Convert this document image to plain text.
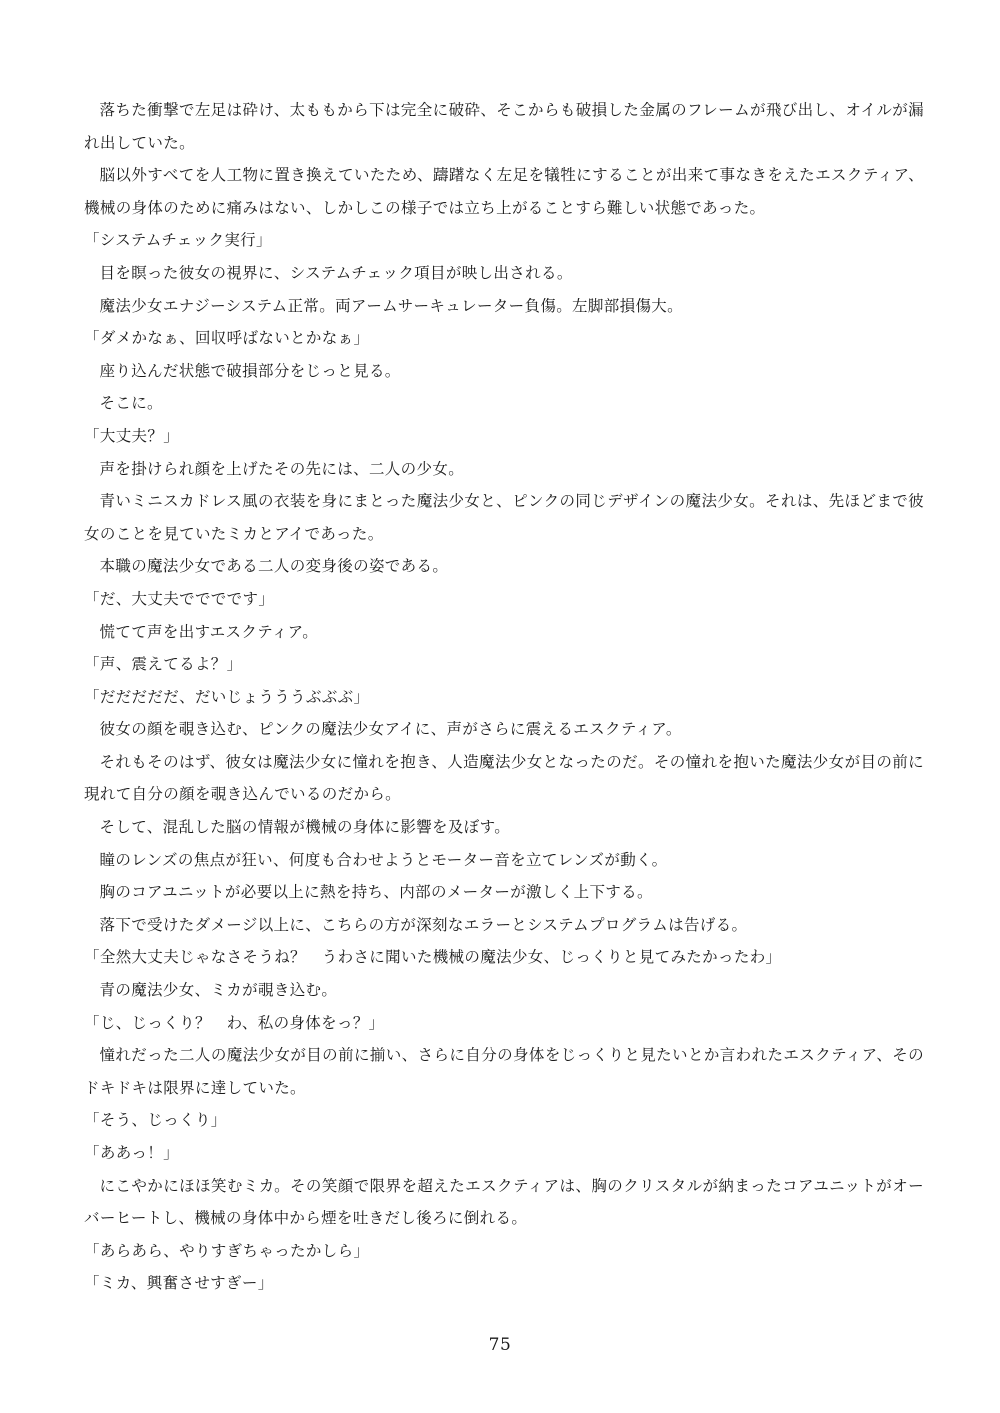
落ちた衝撃で左足は砕け、太ももから下は完全に破砕、そこからも破損した金属のフレームが飛び出し、オイルが漏れ出していた。

脳以外すべてを人工物に置き換えていたため、躊躇なく左足を犠牲にすることが出来て事なきをえたエスクティア、機械の身体のために痛みはない、しかしこの様子では立ち上がることすら難しい状態であった。

「システムチェック実行」

目を瞑った彼女の視界に、システムチェック項目が映し出される。

魔法少女エナジーシステム正常。両アームサーキュレーター負傷。左脚部損傷大。

「ダメかなぁ、回収呼ばないとかなぁ」

座り込んだ状態で破損部分をじっと見る。

そこに。

「大丈夫？」

声を掛けられ顔を上げたその先には、二人の少女。

青いミニスカドレス風の衣装を身にまとった魔法少女と、ピンクの同じデザインの魔法少女。それは、先ほどまで彼女のことを見ていたミカとアイであった。

本職の魔法少女である二人の変身後の姿である。

「だ、大丈夫でででです」

慌てて声を出すエスクティア。

「声、震えてるよ？」

「だだだだだ、だいじょうううぶぶぶ」

彼女の顔を覗き込む、ピンクの魔法少女アイに、声がさらに震えるエスクティア。

それもそのはず、彼女は魔法少女に憧れを抱き、人造魔法少女となったのだ。その憧れを抱いた魔法少女が目の前に現れて自分の顔を覗き込んでいるのだから。

そして、混乱した脳の情報が機械の身体に影響を及ぼす。

瞳のレンズの焦点が狂い、何度も合わせようとモーター音を立てレンズが動く。

胸のコアユニットが必要以上に熱を持ち、内部のメーターが激しく上下する。

落下で受けたダメージ以上に、こちらの方が深刻なエラーとシステムプログラムは告げる。

「全然大丈夫じゃなさそうね？　うわさに聞いた機械の魔法少女、じっくりと見てみたかったわ」

青の魔法少女、ミカが覗き込む。

「じ、じっくり？　わ、私の身体をっ？」

憧れだった二人の魔法少女が目の前に揃い、さらに自分の身体をじっくりと見たいとか言われたエスクティア、そのドキドキは限界に達していた。

「そう、じっくり」

「ああっ！」

にこやかにほほ笑むミカ。その笑顔で限界を超えたエスクティアは、胸のクリスタルが納まったコアユニットがオーバーヒートし、機械の身体中から煙を吐きだし後ろに倒れる。

「あらあら、やりすぎちゃったかしら」

「ミカ、興奮させすぎー」

75
